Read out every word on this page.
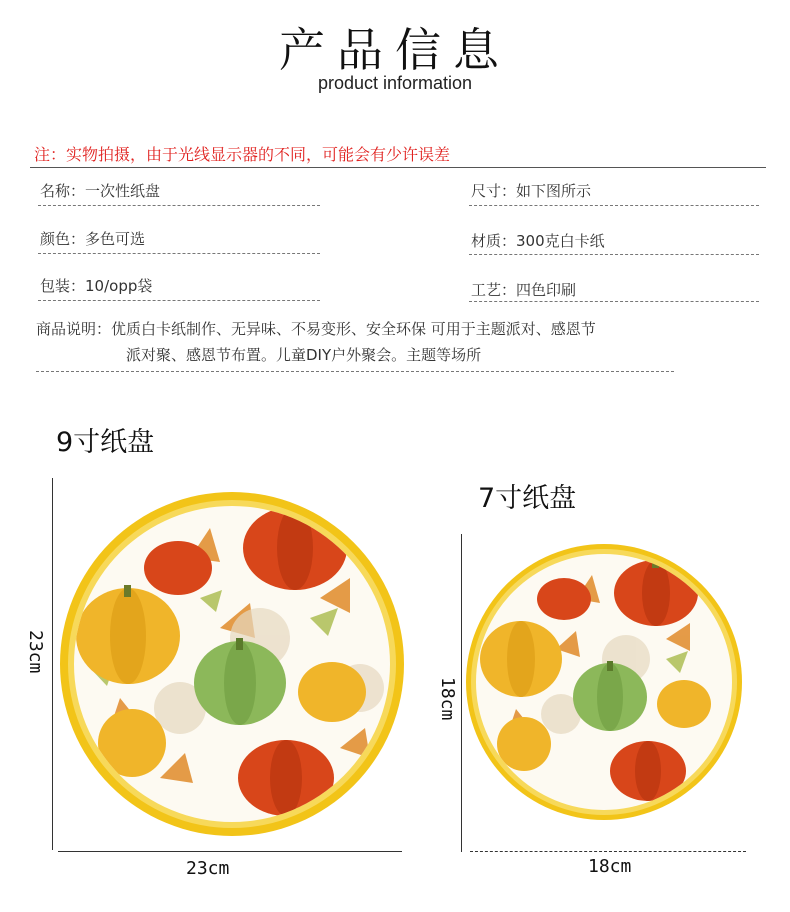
产品信息
product information
注：实物拍摄，由于光线显示器的不同，可能会有少许误差
名称：一次性纸盘	尺寸：如下图所示
颜色：多色可选	材质：300克白卡纸
包装：10/opp袋	工艺：四色印刷
商品说明：优质白卡纸制作、无异味、不易变形、安全环保 可用于主题派对、感恩节
派对聚、感恩节布置。儿童DIY户外聚会。主题等场所
9寸纸盘
7寸纸盘
23cm
23cm
18cm
18cm
